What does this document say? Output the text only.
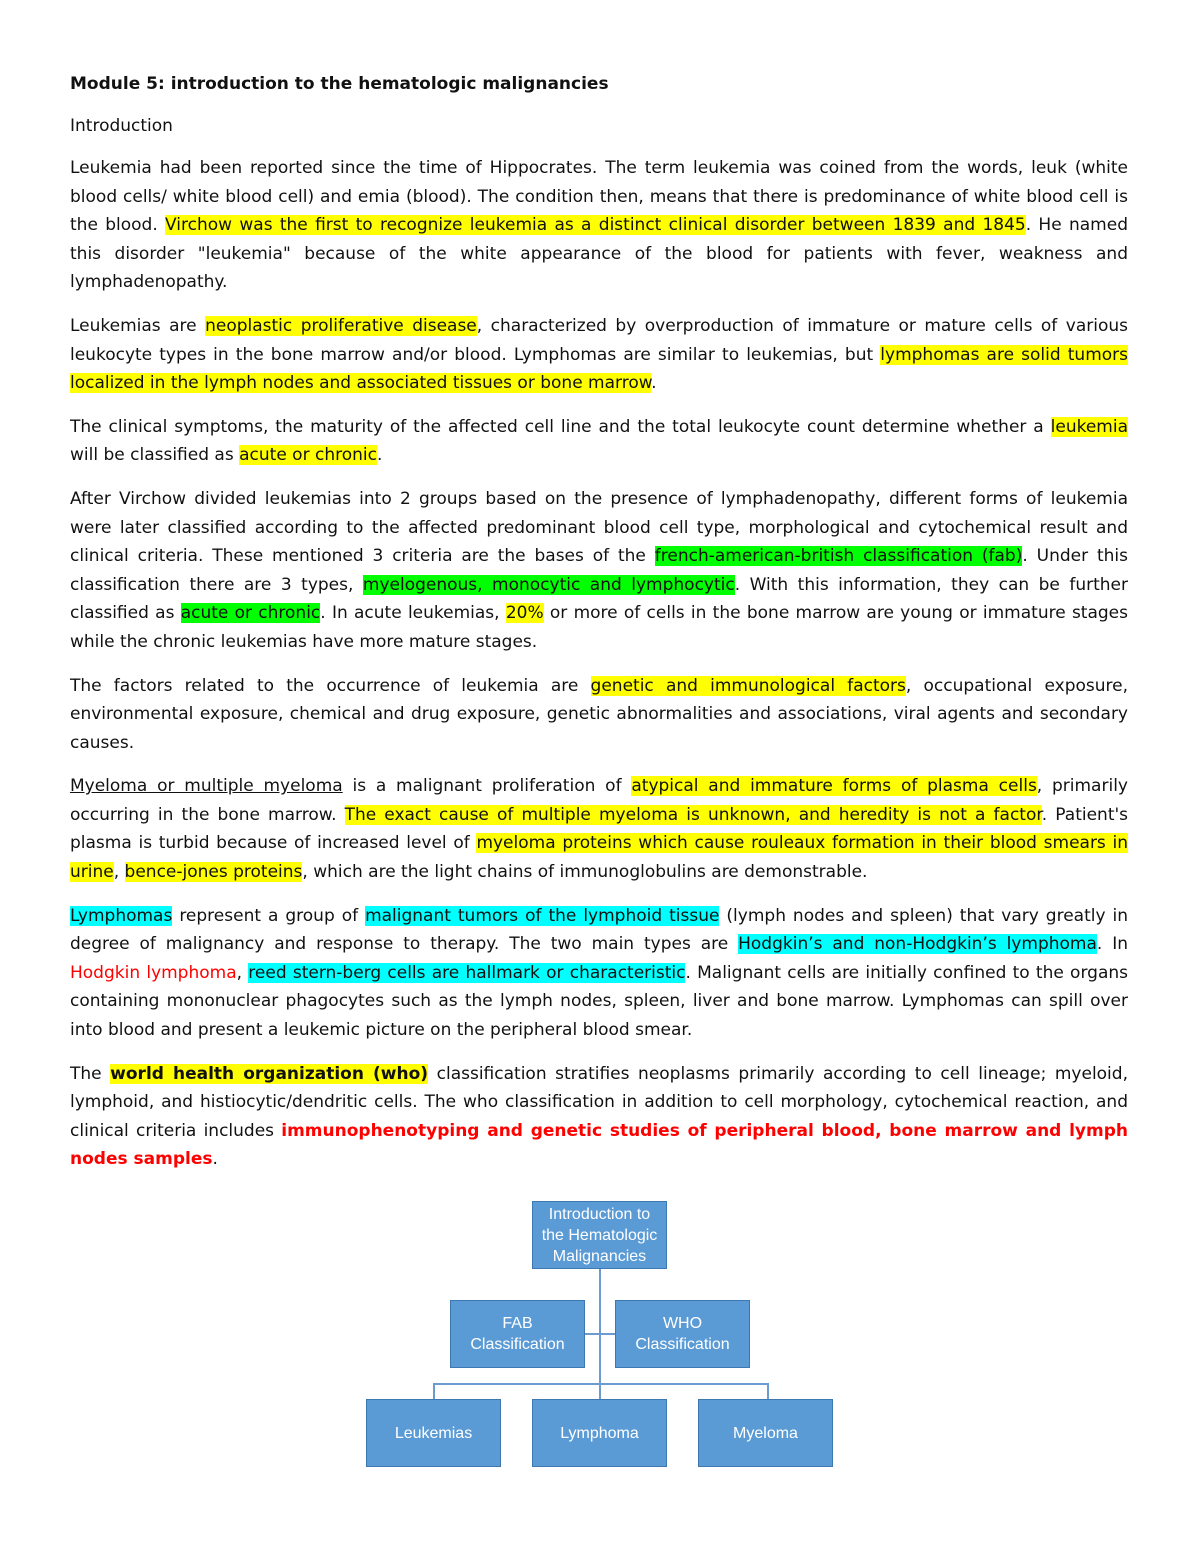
Module 5: introduction to the hematologic malignancies
Introduction

Leukemia had been reported since the time of Hippocrates. The term leukemia was coined from the words, leuk (white blood cells/ white blood cell) and emia (blood). The condition then, means that there is predominance of white blood cell is the blood. Virchow was the first to recognize leukemia as a distinct clinical disorder between 1839 and 1845. He named this disorder "leukemia" because of the white appearance of the blood for patients with fever, weakness and lymphadenopathy.

Leukemias are neoplastic proliferative disease, characterized by overproduction of immature or mature cells of various leukocyte types in the bone marrow and/or blood. Lymphomas are similar to leukemias, but lymphomas are solid tumors localized in the lymph nodes and associated tissues or bone marrow.

The clinical symptoms, the maturity of the affected cell line and the total leukocyte count determine whether a leukemia will be classified as acute or chronic.

After Virchow divided leukemias into 2 groups based on the presence of lymphadenopathy, different forms of leukemia were later classified according to the affected predominant blood cell type, morphological and cytochemical result and clinical criteria. These mentioned 3 criteria are the bases of the french-american-british classification (fab). Under this classification there are 3 types, myelogenous, monocytic and lymphocytic. With this information, they can be further classified as acute or chronic. In acute leukemias, 20% or more of cells in the bone marrow are young or immature stages while the chronic leukemias have more mature stages.

The factors related to the occurrence of leukemia are genetic and immunological factors, occupational exposure, environmental exposure, chemical and drug exposure, genetic abnormalities and associations, viral agents and secondary causes.

Myeloma or multiple myeloma is a malignant proliferation of atypical and immature forms of plasma cells, primarily occurring in the bone marrow. The exact cause of multiple myeloma is unknown, and heredity is not a factor. Patient's plasma is turbid because of increased level of myeloma proteins which cause rouleaux formation in their blood smears in urine, bence-jones proteins, which are the light chains of immunoglobulins are demonstrable.

Lymphomas represent a group of malignant tumors of the lymphoid tissue (lymph nodes and spleen) that vary greatly in degree of malignancy and response to therapy. The two main types are Hodgkin’s and non-Hodgkin’s lymphoma. In Hodgkin lymphoma, reed stern-berg cells are hallmark or characteristic. Malignant cells are initially confined to the organs containing mononuclear phagocytes such as the lymph nodes, spleen, liver and bone marrow. Lymphomas can spill over into blood and present a leukemic picture on the peripheral blood smear.

The world health organization (who) classification stratifies neoplasms primarily according to cell lineage; myeloid, lymphoid, and histiocytic/dendritic cells. The who classification in addition to cell morphology, cytochemical reaction, and clinical criteria includes immunophenotyping and genetic studies of peripheral blood, bone marrow and lymph nodes samples.

Introduction to
the Hematologic
Malignancies
FAB
Classification
WHO
Classification
Leukemias	Lymphoma	Myeloma
